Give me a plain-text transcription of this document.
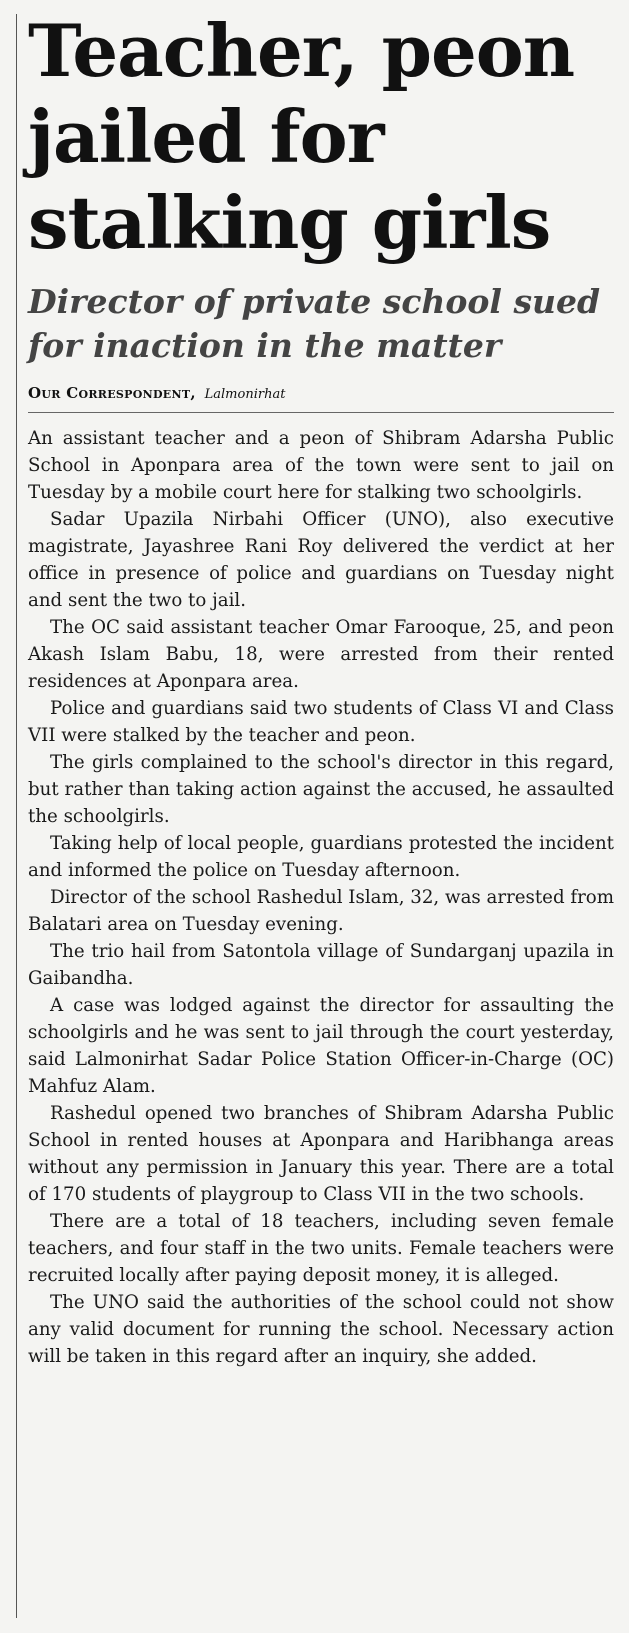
Teacher, peon jailed for stalking girls
Director of private school sued for inaction in the matter
Our Correspondent, Lalmonirhat

An assistant teacher and a peon of Shibram Adarsha Public School in Aponpara area of the town were sent to jail on Tuesday by a mobile court here for stalking two schoolgirls.

Sadar Upazila Nirbahi Officer (UNO), also executive magistrate, Jayashree Rani Roy delivered the verdict at her office in presence of police and guardians on Tuesday night and sent the two to jail.

The OC said assistant teacher Omar Farooque, 25, and peon Akash Islam Babu, 18, were arrested from their rented residences at Aponpara area.

Police and guardians said two students of Class VI and Class VII were stalked by the teacher and peon.

The girls complained to the school's director in this regard, but rather than taking action against the accused, he assaulted the schoolgirls.

Taking help of local people, guardians protested the incident and informed the police on Tuesday afternoon.

Director of the school Rashedul Islam, 32, was arrested from Balatari area on Tuesday evening.

The trio hail from Satontola village of Sundarganj upazila in Gaibandha.

A case was lodged against the director for assaulting the schoolgirls and he was sent to jail through the court yesterday, said Lalmonirhat Sadar Police Station Officer-in-Charge (OC) Mahfuz Alam.

Rashedul opened two branches of Shibram Adarsha Public School in rented houses at Aponpara and Haribhanga areas without any permission in January this year. There are a total of 170 students of playgroup to Class VII in the two schools.

There are a total of 18 teachers, including seven female teachers, and four staff in the two units. Female teachers were recruited locally after paying deposit money, it is alleged.

The UNO said the authorities of the school could not show any valid document for running the school. Necessary action will be taken in this regard after an inquiry, she added.
